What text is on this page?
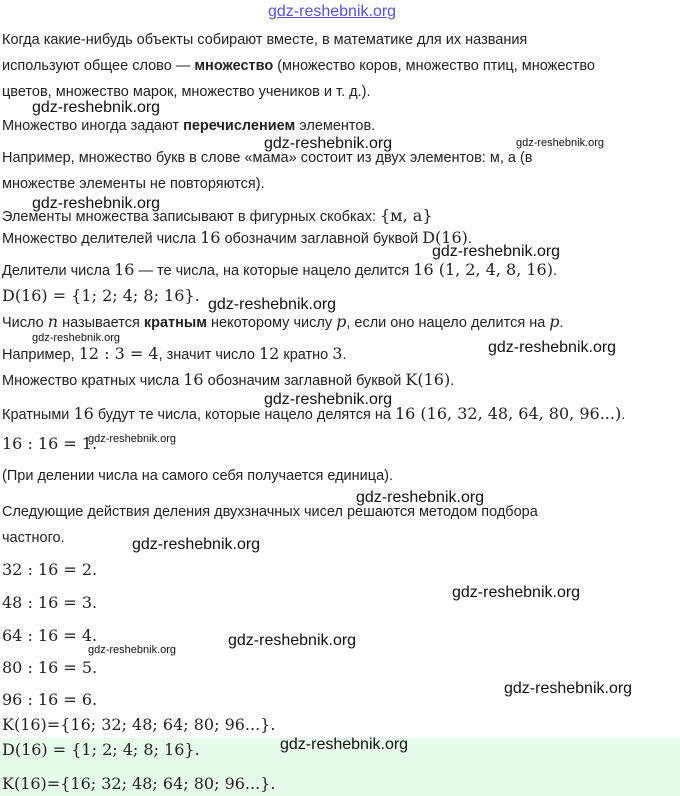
Когда какие-нибудь объекты собирают вместе, в математике для их названия
используют общее слово — множество (множество коров, множество птиц, множество
цветов, множество марок, множество учеников и т. д.).
Множество иногда задают перечислением элементов.
Например, множество букв в слове «мама» состоит из двух элементов: м, а (в
множестве элементы не повторяются).
Элементы множества записывают в фигурных скобках: {м, а}
Множество делителей числа 16 обозначим заглавной буквой D(16).
Делители числа 16 — те числа, на которые нацело делится 16 (1, 2, 4, 8, 16).
D(16) = {1; 2; 4; 8; 16}.
Число n называется кратным некоторому числу p, если оно нацело делится на p.
Например, 12 : 3 = 4, значит число 12 кратно 3.
Множество кратных числа 16 обозначим заглавной буквой K(16).
Кратными 16 будут те числа, которые нацело делятся на 16 (16, 32, 48, 64, 80, 96...).
16 : 16 = 1.
(При делении числа на самого себя получается единица).
Следующие действия деления двухзначных чисел решаются методом подбора
частного.
32 : 16 = 2.
48 : 16 = 3.
64 : 16 = 4.
80 : 16 = 5.
96 : 16 = 6.
K(16)={16; 32; 48; 64; 80; 96...}.
D(16) = {1; 2; 4; 8; 16}.
K(16)={16; 32; 48; 64; 80; 96...}.
gdz-reshebnik.org
gdz-reshebnik.org
gdz-reshebnik.org	gdz-reshebnik.org
gdz-reshebnik.org
gdz-reshebnik.org
gdz-reshebnik.org
gdz-reshebnik.org
gdz-reshebnik.org
gdz-reshebnik.org
gdz-reshebnik.org
gdz-reshebnik.org
gdz-reshebnik.org
gdz-reshebnik.org
gdz-reshebnik.org
gdz-reshebnik.org
gdz-reshebnik.org
gdz-reshebnik.org
